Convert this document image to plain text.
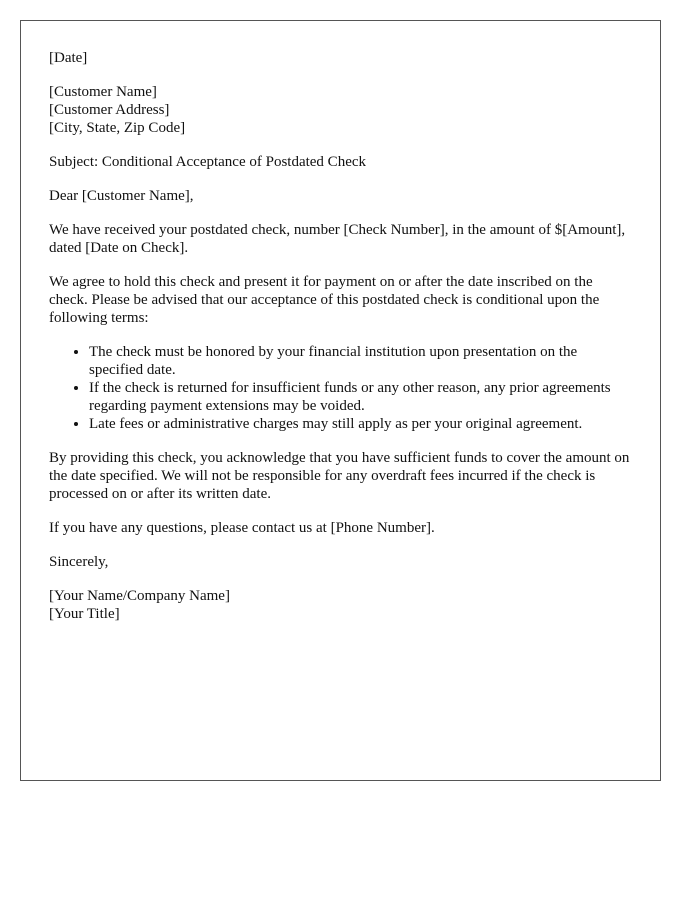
[Date]

[Customer Name]
[Customer Address]
[City, State, Zip Code]

Subject: Conditional Acceptance of Postdated Check

Dear [Customer Name],

We have received your postdated check, number [Check Number], in the amount of $[Amount], dated [Date on Check].

We agree to hold this check and present it for payment on or after the date inscribed on the check. Please be advised that our acceptance of this postdated check is conditional upon the following terms:

• The check must be honored by your financial institution upon presentation on the specified date.
• If the check is returned for insufficient funds or any other reason, any prior agreements regarding payment extensions may be voided.
• Late fees or administrative charges may still apply as per your original agreement.

By providing this check, you acknowledge that you have sufficient funds to cover the amount on the date specified. We will not be responsible for any overdraft fees incurred if the check is processed on or after its written date.

If you have any questions, please contact us at [Phone Number].

Sincerely,

[Your Name/Company Name]
[Your Title]
